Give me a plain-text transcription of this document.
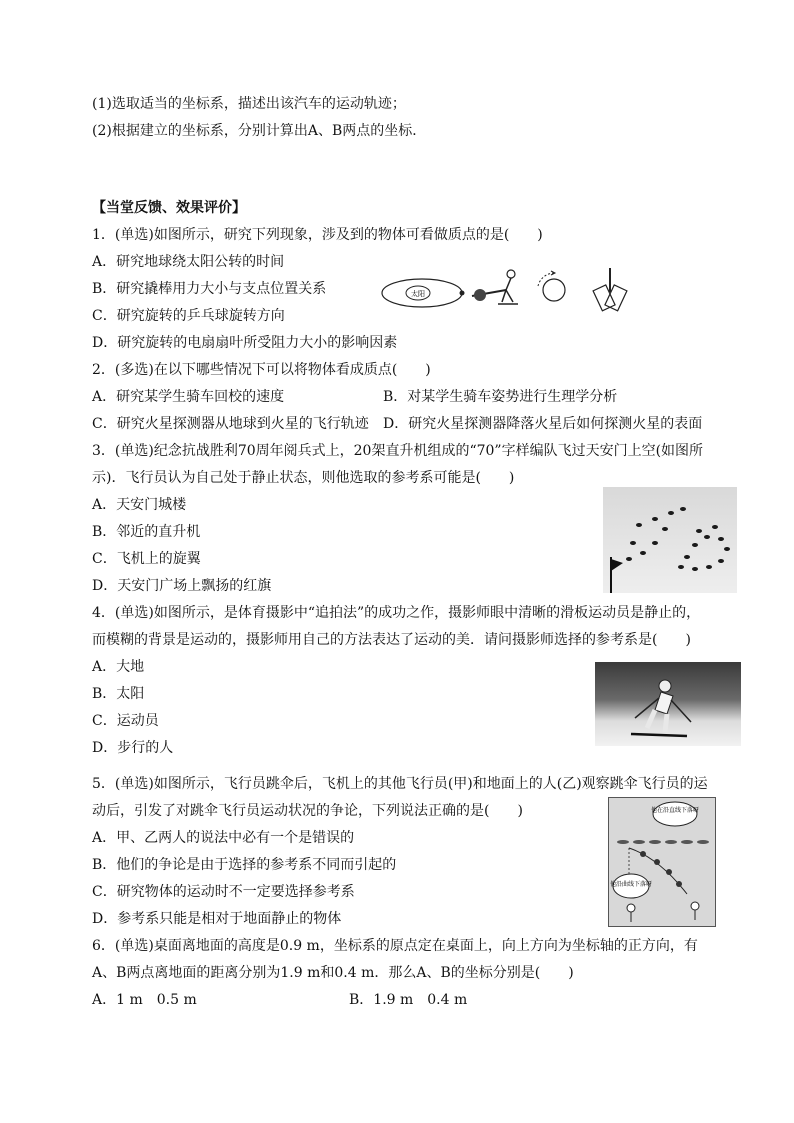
(1)选取适当的坐标系，描述出该汽车的运动轨迹；
(2)根据建立的坐标系，分别计算出A、B两点的坐标．
【当堂反馈、效果评价】
1．(单选)如图所示，研究下列现象，涉及到的物体可看做质点的是(　　)
A．研究地球绕太阳公转的时间
B．研究撬棒用力大小与支点位置关系
C．研究旋转的乒乓球旋转方向
D．研究旋转的电扇扇叶所受阻力大小的影响因素
太阳
2．(多选)在以下哪些情况下可以将物体看成质点(　　)
A．研究某学生骑车回校的速度	B．对某学生骑车姿势进行生理学分析
C．研究火星探测器从地球到火星的飞行轨迹 D．研究火星探测器降落火星后如何探测火星的表面
3．(单选)纪念抗战胜利70周年阅兵式上，20架直升机组成的“70”字样编队飞过天安门上空(如图所
示)．飞行员认为自己处于静止状态，则他选取的参考系可能是(　　)
A．天安门城楼
B．邻近的直升机
C．飞机上的旋翼
D．天安门广场上飘扬的红旗
4．(单选)如图所示，是体育摄影中“追拍法”的成功之作，摄影师眼中清晰的滑板运动员是静止的，
而模糊的背景是运动的，摄影师用自己的方法表达了运动的美．请问摄影师选择的参考系是(　　)
A．大地
B．太阳
C．运动员
D．步行的人
5．(单选)如图所示，飞行员跳伞后，飞机上的其他飞行员(甲)和地面上的人(乙)观察跳伞飞行员的运
动后，引发了对跳伞飞行员运动状况的争论，下列说法正确的是(　　)
A．甲、乙两人的说法中必有一个是错误的
B．他们的争论是由于选择的参考系不同而引起的
C．研究物体的运动时不一定要选择参考系
D．参考系只能是相对于地面静止的物体
他在沿直线下落呀
他沿曲线下落呀
6．(单选)桌面离地面的高度是0.9 m，坐标系的原点定在桌面上，向上方向为坐标轴的正方向，有
A、B两点离地面的距离分别为1.9 m和0.4 m．那么A、B的坐标分别是(　　)
A．1 m　0.5 m	B．1.9 m　0.4 m
